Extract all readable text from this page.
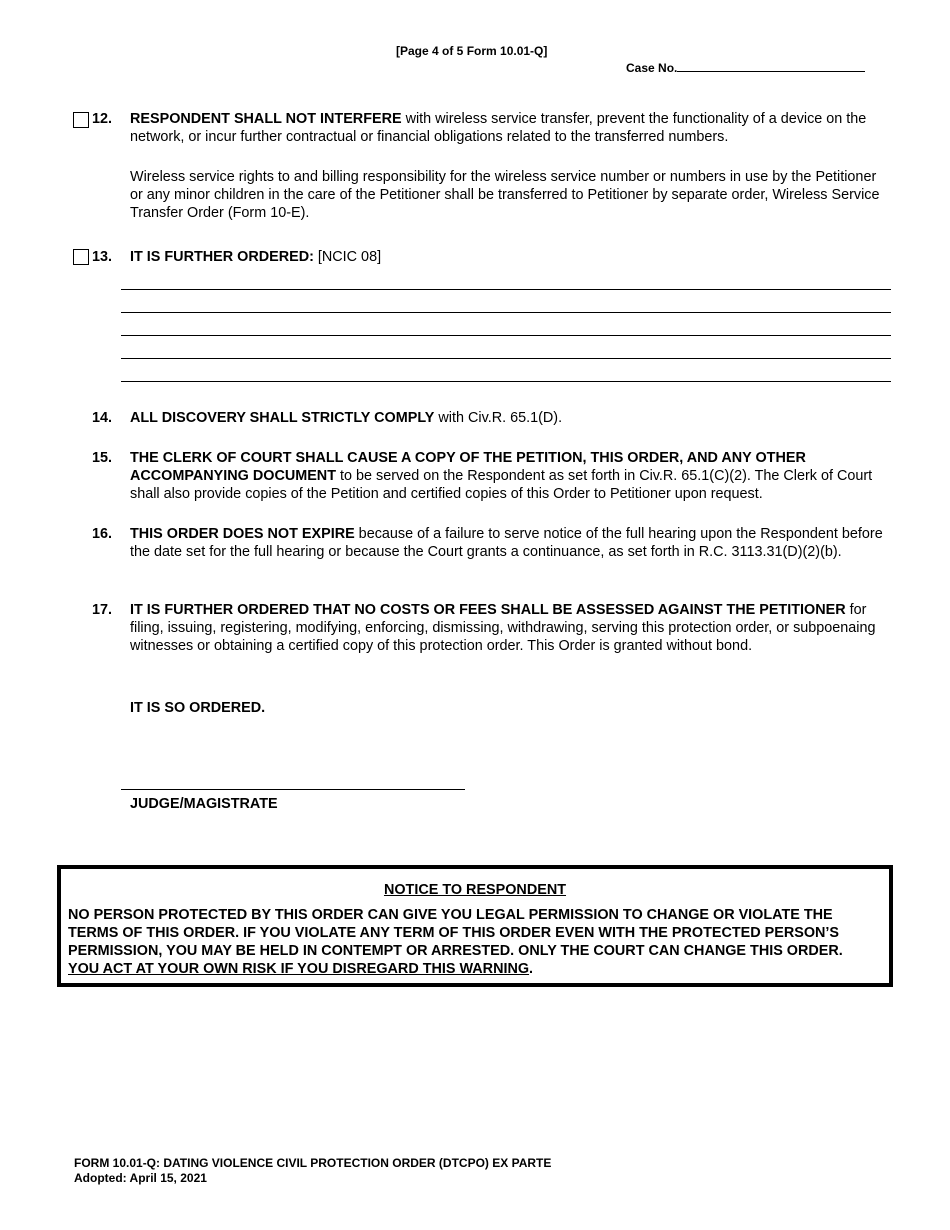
[Page 4 of 5 Form 10.01-Q]
Case No.
12. RESPONDENT SHALL NOT INTERFERE with wireless service transfer, prevent the functionality of a device on the network, or incur further contractual or financial obligations related to the transferred numbers.
Wireless service rights to and billing responsibility for the wireless service number or numbers in use by the Petitioner or any minor children in the care of the Petitioner shall be transferred to Petitioner by separate order, Wireless Service Transfer Order (Form 10-E).
13. IT IS FURTHER ORDERED: [NCIC 08]
14. ALL DISCOVERY SHALL STRICTLY COMPLY with Civ.R. 65.1(D).
15. THE CLERK OF COURT SHALL CAUSE A COPY OF THE PETITION, THIS ORDER, AND ANY OTHER ACCOMPANYING DOCUMENT to be served on the Respondent as set forth in Civ.R. 65.1(C)(2). The Clerk of Court shall also provide copies of the Petition and certified copies of this Order to Petitioner upon request.
16. THIS ORDER DOES NOT EXPIRE because of a failure to serve notice of the full hearing upon the Respondent before the date set for the full hearing or because the Court grants a continuance, as set forth in R.C. 3113.31(D)(2)(b).
17. IT IS FURTHER ORDERED THAT NO COSTS OR FEES SHALL BE ASSESSED AGAINST THE PETITIONER for filing, issuing, registering, modifying, enforcing, dismissing, withdrawing, serving this protection order, or subpoenaing witnesses or obtaining a certified copy of this protection order. This Order is granted without bond.
IT IS SO ORDERED.
JUDGE/MAGISTRATE
NOTICE TO RESPONDENT
NO PERSON PROTECTED BY THIS ORDER CAN GIVE YOU LEGAL PERMISSION TO CHANGE OR VIOLATE THE TERMS OF THIS ORDER. IF YOU VIOLATE ANY TERM OF THIS ORDER EVEN WITH THE PROTECTED PERSON’S PERMISSION, YOU MAY BE HELD IN CONTEMPT OR ARRESTED. ONLY THE COURT CAN CHANGE THIS ORDER. YOU ACT AT YOUR OWN RISK IF YOU DISREGARD THIS WARNING.
FORM 10.01-Q: DATING VIOLENCE CIVIL PROTECTION ORDER (DTCPO) EX PARTE
Adopted: April 15, 2021
